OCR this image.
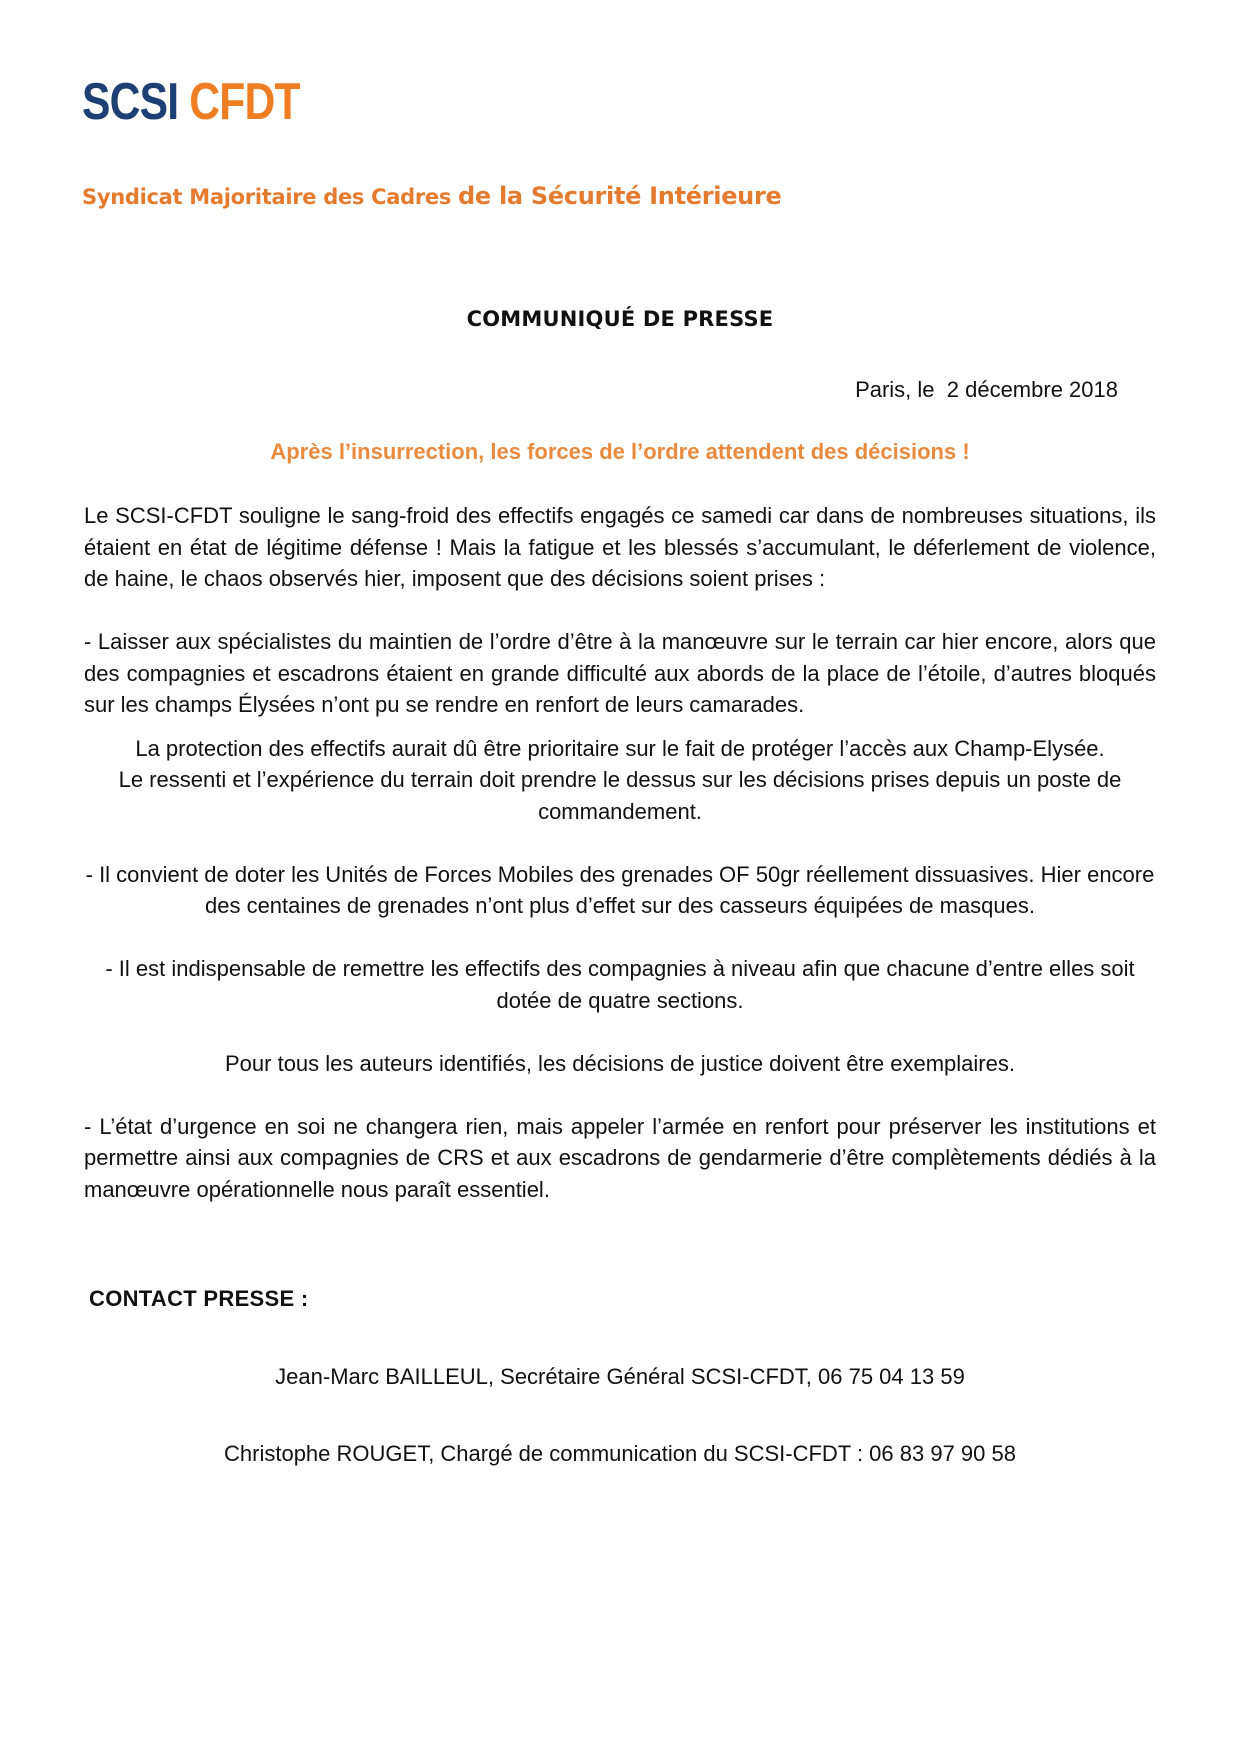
SCSI CFDT
Syndicat Majoritaire des Cadres de la Sécurité Intérieure
COMMUNIQUÉ DE PRESSE
Paris, le  2 décembre 2018
Après l’insurrection, les forces de l’ordre attendent des décisions !

Le SCSI-CFDT souligne le sang-froid des effectifs engagés ce samedi car dans de nombreuses situations, ils étaient en état de légitime défense ! Mais la fatigue et les blessés s’accumulant, le déferlement de violence, de haine, le chaos observés hier, imposent que des décisions soient prises :

- Laisser aux spécialistes du maintien de l’ordre d’être à la manœuvre sur le terrain car hier encore, alors que des compagnies et escadrons étaient en grande difficulté aux abords de la place de l’étoile, d’autres bloqués sur les champs Élysées n’ont pu se rendre en renfort de leurs camarades.

La protection des effectifs aurait dû être prioritaire sur le fait de protéger l’accès aux Champ-Elysée.

Le ressenti et l’expérience du terrain doit prendre le dessus sur les décisions prises depuis un poste de commandement.

- Il convient de doter les Unités de Forces Mobiles des grenades OF 50gr réellement dissuasives. Hier encore des centaines de grenades n’ont plus d’effet sur des casseurs équipées de masques.

- Il est indispensable de remettre les effectifs des compagnies à niveau afin que chacune d’entre elles soit dotée de quatre sections.

Pour tous les auteurs identifiés, les décisions de justice doivent être exemplaires.

- L’état d’urgence en soi ne changera rien, mais appeler l’armée en renfort pour préserver les institutions et permettre ainsi aux compagnies de CRS et aux escadrons de gendarmerie d’être complètements dédiés à la manœuvre opérationnelle nous paraît essentiel.

CONTACT PRESSE :
Jean-Marc BAILLEUL, Secrétaire Général SCSI-CFDT, 06 75 04 13 59
Christophe ROUGET, Chargé de communication du SCSI-CFDT : 06 83 97 90 58
